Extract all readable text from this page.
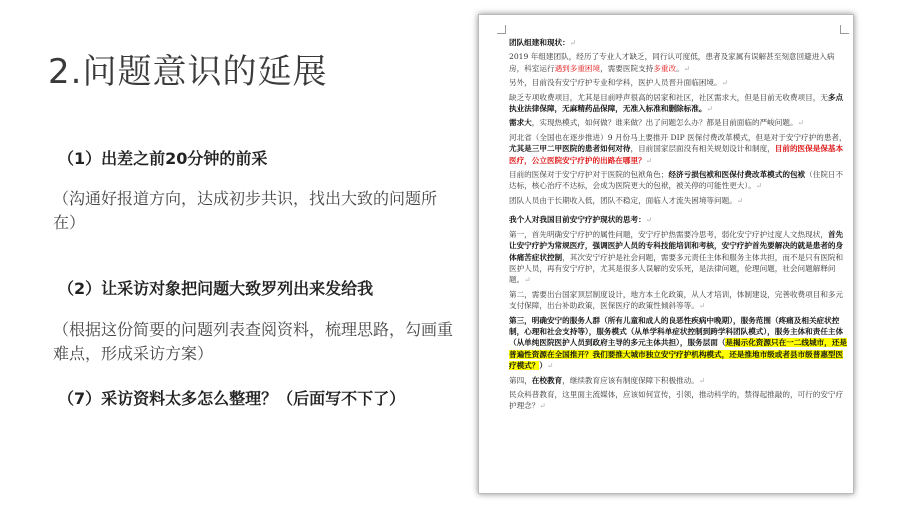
2.问题意识的延展
（1）出差之前20分钟的前采
（沟通好报道方向，达成初步共识，找出大致的问题所在）
（2）让采访对象把问题大致罗列出来发给我
（根据这份简要的问题列表查阅资料，梳理思路，勾画重难点，形成采访方案）
（7）采访资料太多怎么整理？（后面写不下了）

团队组建和现状：↵

2019 年组建团队，经历了专业人才缺乏，同行认可度低，患者及家属有误解甚至刻意回避进入病房，科室运行遇到多重困境，需要医院支持多重改。↵

另外，目前没有安宁疗护专业和学科，医护人员晋升面临困境。↵

缺乏专项收费项目，尤其是目前呼声很高的居家和社区，社区需求大，但是目前无收费项目，无多点执业法律保障，无麻精药品保障，无准入标准和删除标准。↵

需求大，实现热模式，如何做？谁来做？出了问题怎么办？都是目前面临的严峻问题。↵

河北省（全国也在逐步推进）9 月份马上要推开 DIP 医保付费改革模式，但是对于安宁疗护的患者，尤其是三甲二甲医院的患者如何对待，目前国家层面没有相关规划设计和制度，目前的医保是保基本医疗，公立医院安宁疗护的出路在哪里？↵

目前的医保对于安宁疗护对于医院的包袱角色；经济亏损包袱和医保付费改革模式的包袱（住院日不达标，核心治疗不达标，会成为医院更大的包袱，被关停的可能性更大）。↵

团队人员由于长期收入低，团队不稳定，面临人才流失困境等问题。↵

我个人对我国目前安宁疗护现状的思考：↵

第一，首先明确安宁疗护的属性问题，安宁疗护热需要冷思考，弱化安宁疗护过度人文热现状，首先让安宁疗护为常规医疗，强调医护人员的专科技能培训和考核，安宁疗护首先要解决的就是患者的身体痛苦症状控制，其次安宁疗护是社会问题，需要多元责任主体和服务主体共担，而不是只有医院和医护人员，再有安宁疗护，尤其是很多人误解的安乐死，是法律问题，伦理问题，社会问题解释问题。↵

第二，需要出台国家顶层制度设计，地方本土化政策，从人才培训，体制建设，完善收费项目和多元支付保障，出台补助政策，医保医疗的政策性倾斜等等。↵

第三，明确安宁的服务人群（所有儿童和成人的良恶性疾病中晚期），服务范围（疼痛及相关症状控制，心理和社会支持等），服务模式（从单学科单症状控制到跨学科团队模式），服务主体和责任主体（从单纯医院医护人员到政府主导的多元主体共担），服务层面（是揭示化资源只在一二线城市，还是普遍性资源在全国推开？我们要推大城市独立安宁疗护机构模式，还是推地市级或者县市级普惠型医疗模式？）↵

第四，在校教育，继续教育应该有制度保障下积极推动。↵

民众科普教育，这里面主流媒体，应该如何宣传，引领，推动科学的，禁得起推敲的，可行的安宁疗护理念？↵
